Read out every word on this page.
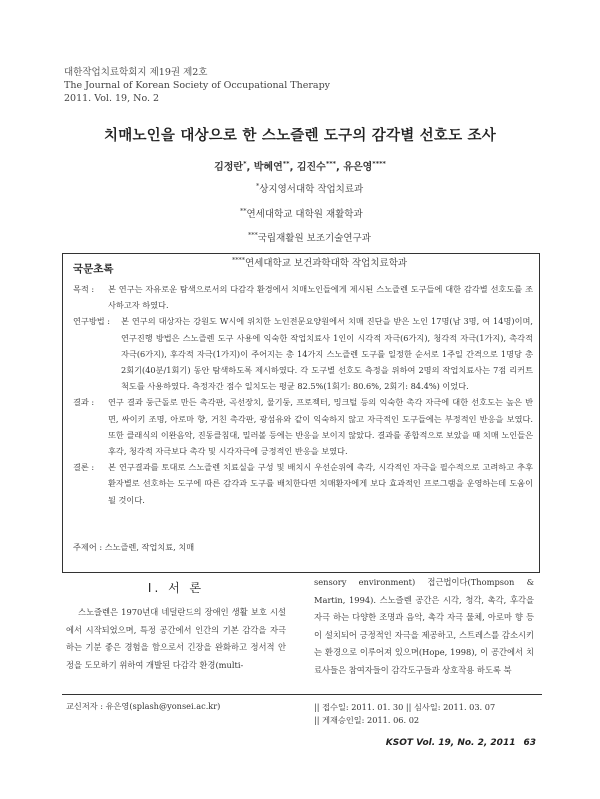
대한작업치료학회지 제19권 제2호
The Journal of Korean Society of Occupational Therapy
2011. Vol. 19, No. 2
치매노인을 대상으로 한 스노즐렌 도구의 감각별 선호도 조사
김정란*, 박혜연**, 김진수***, 유은영****
*상지영서대학 작업치료과
**연세대학교 대학원 재활학과
***국립재활원 보조기술연구과
****연세대학교 보건과학대학 작업치료학과
국문초록
목적 :	본 연구는 자유로운 탐색으로서의 다감각 환경에서 치매노인들에게 제시된 스노즐렌 도구들에 대한 감각별 선호도를 조사하고자 하였다.
연구방법 :	본 연구의 대상자는 강원도 W시에 위치한 노인전문요양원에서 치매 진단을 받은 노인 17명(남 3명, 여 14명)이며, 연구진행 방법은 스노즐렌 도구 사용에 익숙한 작업치료사 1인이 시각적 자극(6가지), 청각적 자극(1가지), 촉각적 자극(6가지), 후각적 자극(1가지)이 주어지는 총 14가지 스노즐렌 도구를 일정한 순서로 1주일 간격으로 1명당 총 2회기(40분/1회기) 동안 탐색하도록 제시하였다. 각 도구별 선호도 측정을 위하여 2명의 작업치료사는 7점 리커트 척도를 사용하였다. 측정자간 점수 일치도는 평균 82.5%(1회기: 80.6%, 2회기: 84.4%) 이었다.
결과 :	연구 결과 둥근돌로 만든 촉각판, 곡선장치, 물기둥, 프로젝터, 밍크털 등의 익숙한 촉각 자극에 대한 선호도는 높은 반면, 싸이키 조명, 아로마 향, 거친 촉각판, 광섬유와 같이 익숙하지 않고 자극적인 도구들에는 부정적인 반응을 보였다. 또한 클래식의 이완음악, 진동클침대, 밀러볼 등에는 반응을 보이지 않았다. 결과를 종합적으로 보았을 때 치매 노인들은 후각, 청각적 자극보다 촉각 및 시각자극에 긍정적인 반응을 보였다.
결론 :	본 연구결과를 토대로 스노즐렌 치료실을 구성 및 배치시 우선순위에 촉각, 시각적인 자극을 필수적으로 고려하고 추후 환자별로 선호하는 도구에 따른 감각과 도구를 배치한다면 치매환자에게 보다 효과적인 프로그램을 운영하는데 도움이 될 것이다.
주제어 : 스노즐렌, 작업치료, 치매
Ⅰ. 서 론

스노즐렌은 1970년대 네덜란드의 장애인 생활 보호 시설에서 시작되었으며, 특정 공간에서 인간의 기본 감각을 자극하는 기분 좋은 경험을 함으로서 긴장을 완화하고 정서적 안정을 도모하기 위하여 개발된 다감각 환경(multi-

sensory environment) 접근법이다(Thompson & Martin, 1994). 스노즐렌 공간은 시각, 청각, 촉각, 후각을 자극 하는 다양한 조명과 음악, 촉각 자극 물체, 아로마 향 등이 설치되어 긍정적인 자극을 제공하고, 스트레스를 감소시키는 환경으로 이루어져 있으며(Hope, 1998), 이 공간에서 치료사들은 참여자들이 감각도구들과 상호작용 하도록 북

교신저자 : 유은영(splash@yonsei.ac.kr)	|| 접수일: 2011. 01. 30 || 심사일: 2011. 03. 07
|| 게재승인일: 2011. 06. 02
KSOT Vol. 19, No. 2, 2011 63
